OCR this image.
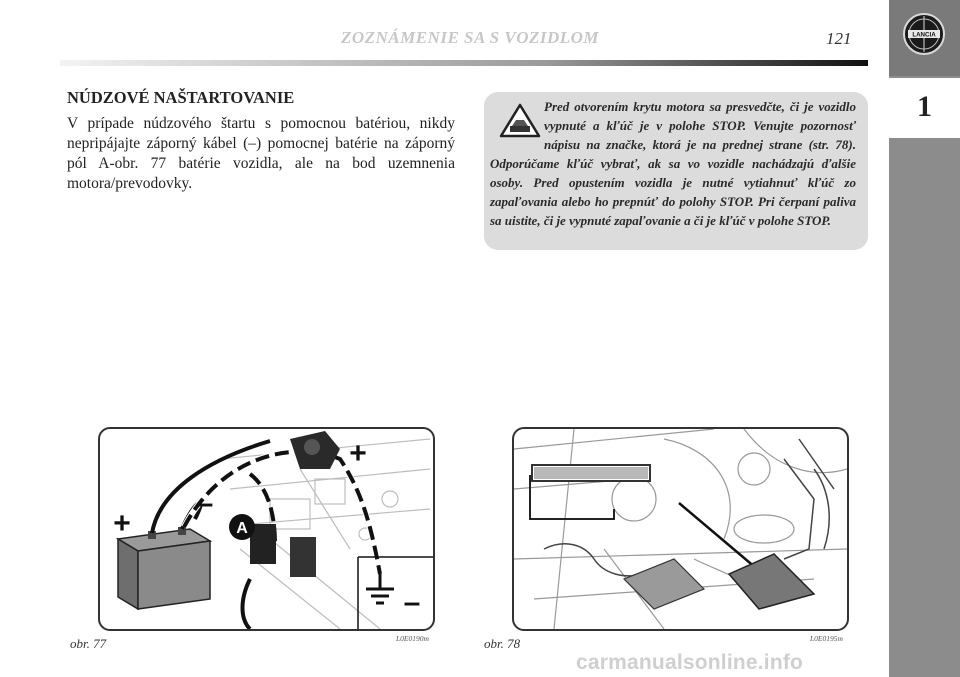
ZOZNÁMENIE SA S VOZIDLOM	121	LANCIA
1
NÚDZOVÉ NAŠTARTOVANIE

V prípade núdzového štartu s pomocnou batériou, nikdy nepripájajte záporný kábel (–) pomocnej batérie na záporný pól A-obr. 77 batérie vozidla, ale na bod uzemnenia motora/prevodovky.

Pred otvorením krytu motora sa presvedčte, či je vozidlo vypnuté a kľúč je v polohe STOP. Venujte pozornosť nápisu na značke, ktorá je na prednej strane (str. 78). Odporúčame kľúč vybrať, ak sa vo vozidle nachádzajú ďalšie osoby. Pred opustením vozidla je nutné vytiahnuť kľúč zo zapaľovania alebo ho prepnúť do polohy STOP. Pri čerpaní paliva sa uistite, či je vypnuté zapaľovanie a či je kľúč v polohe STOP.

A
+
–
+
–
obr. 77	L0E0190m	obr. 78	L0E0195m
carmanualsonline.info
